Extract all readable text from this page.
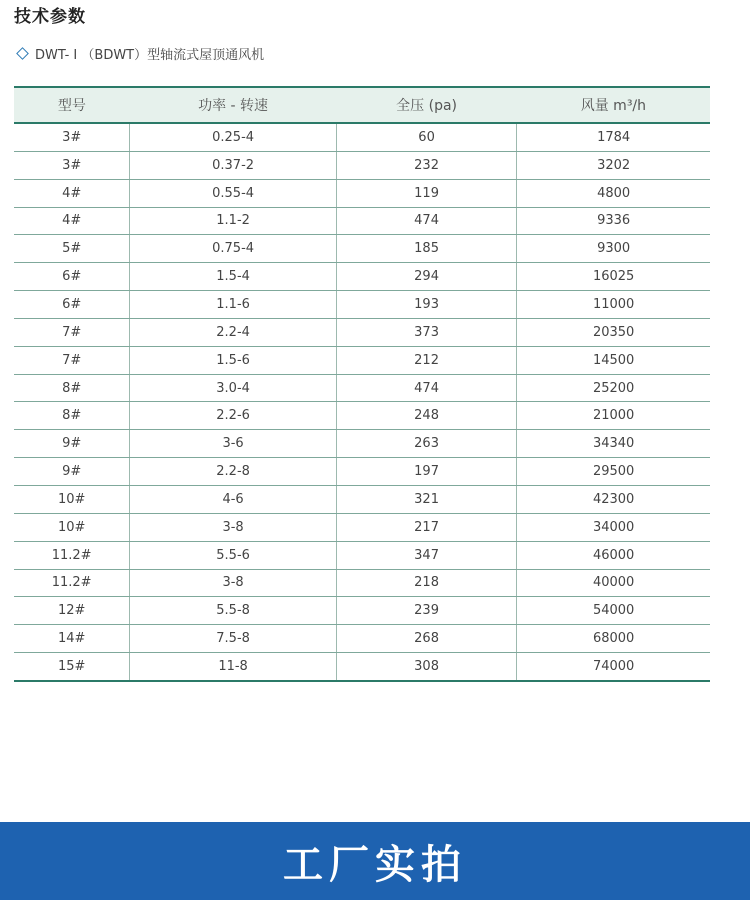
技术参数
DWT- Ⅰ （BDWT）型轴流式屋顶通风机
型号	功率 - 转速	全压 (pa)	风量 m³/h
3#	0.25-4	60	1784
3#	0.37-2	232	3202
4#	0.55-4	119	4800
4#	1.1-2	474	9336
5#	0.75-4	185	9300
6#	1.5-4	294	16025
6#	1.1-6	193	11000
7#	2.2-4	373	20350
7#	1.5-6	212	14500
8#	3.0-4	474	25200
8#	2.2-6	248	21000
9#	3-6	263	34340
9#	2.2-8	197	29500
10#	4-6	321	42300
10#	3-8	217	34000
11.2#	5.5-6	347	46000
11.2#	3-8	218	40000
12#	5.5-8	239	54000
14#	7.5-8	268	68000
15#	11-8	308	74000
工厂实拍
